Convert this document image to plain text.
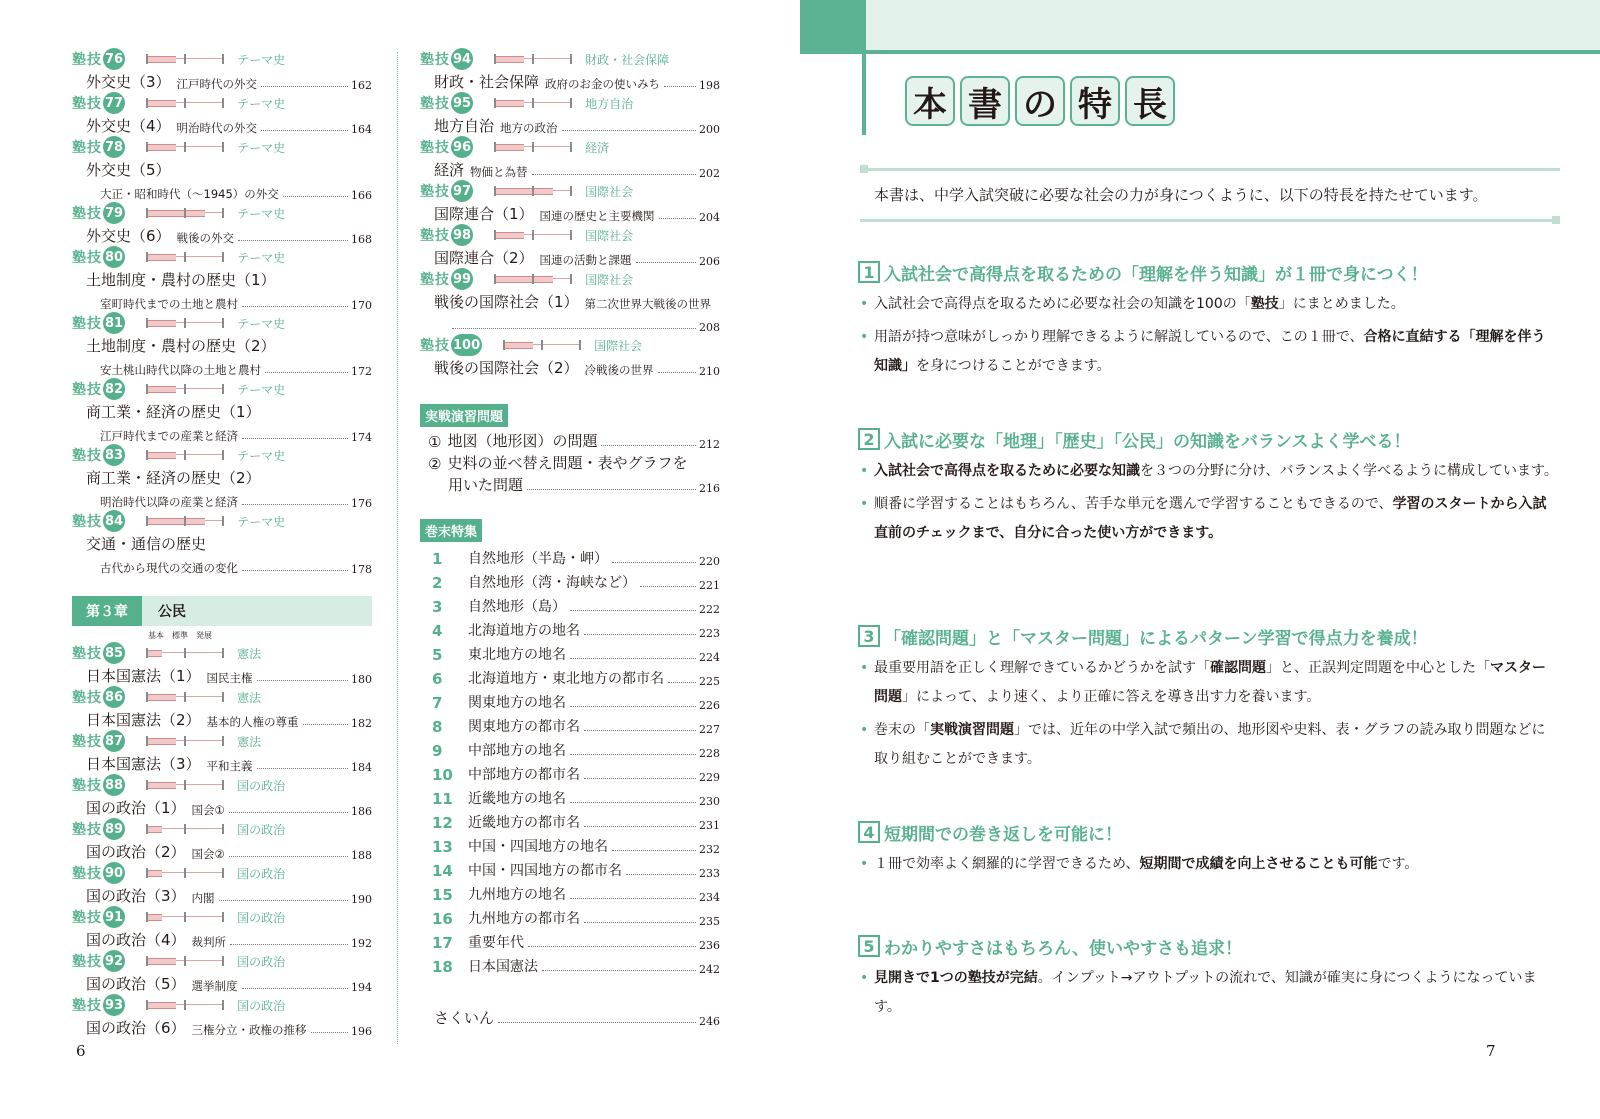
塾技 76	テーマ史
外交史（3） 江戸時代の外交	162
塾技 77	テーマ史
外交史（4） 明治時代の外交	164
塾技 78	テーマ史
外交史（5）
大正・昭和時代（～1945）の外交	166
塾技 79	テーマ史
外交史（6） 戦後の外交	168
塾技 80	テーマ史
土地制度・農村の歴史（1）
室町時代までの土地と農村	170
塾技 81	テーマ史
土地制度・農村の歴史（2）
安土桃山時代以降の土地と農村	172
塾技 82	テーマ史
商工業・経済の歴史（1）
江戸時代までの産業と経済	174
塾技 83	テーマ史
商工業・経済の歴史（2）
明治時代以降の産業と経済	176
塾技 84	テーマ史
交通・通信の歴史
古代から現代の交通の変化	178
第３章	公民
基本　標準　発展
塾技 85	憲法
日本国憲法（1） 国民主権	180
塾技 86	憲法
日本国憲法（2） 基本的人権の尊重	182
塾技 87	憲法
日本国憲法（3） 平和主義	184
塾技 88	国の政治
国の政治（1） 国会①	186
塾技 89	国の政治
国の政治（2） 国会②	188
塾技 90	国の政治
国の政治（3） 内閣	190
塾技 91	国の政治
国の政治（4） 裁判所	192
塾技 92	国の政治
国の政治（5） 選挙制度	194
塾技 93	国の政治
国の政治（6） 三権分立・政権の推移	196
塾技 94	財政・社会保障
財政・社会保障 政府のお金の使いみち	198
塾技 95	地方自治
地方自治 地方の政治	200
塾技 96	経済
経済 物価と為替	202
塾技 97	国際社会
国際連合（1） 国連の歴史と主要機関	204
塾技 98	国際社会
国際連合（2） 国連の活動と課題	206
塾技 99	国際社会
戦後の国際社会（1） 第二次世界大戦後の世界
208
塾技 100	国際社会
戦後の国際社会（2） 冷戦後の世界	210
実戦演習問題
① 地図（地形図）の問題	212
② 史料の並べ替え問題・表やグラフを
用いた問題	216
巻末特集
1	自然地形（半島・岬）	220
2	自然地形（湾・海峡など）	221
3	自然地形（島）	222
4	北海道地方の地名	223
5	東北地方の地名	224
6	北海道地方・東北地方の都市名	225
7	関東地方の地名	226
8	関東地方の都市名	227
9	中部地方の地名	228
10	中部地方の都市名	229
11	近畿地方の地名	230
12	近畿地方の都市名	231
13	中国・四国地方の地名	232
14	中国・四国地方の都市名	233
15	九州地方の地名	234
16	九州地方の都市名	235
17	重要年代	236
18	日本国憲法	242
さくいん	246
6
本 書 の 特 長
本書は、中学入試突破に必要な社会の力が身につくように、以下の特長を持たせています。
1 入試社会で高得点を取るための「理解を伴う知識」が１冊で身につく！
• 入試社会で高得点を取るために必要な社会の知識を100の「塾技」にまとめました。
• 用語が持つ意味がしっかり理解できるように解説しているので、この１冊で、合格に直結する「理解を伴う知識」を身につけることができます。
2 入試に必要な「地理」「歴史」「公民」の知識をバランスよく学べる！
• 入試社会で高得点を取るために必要な知識を３つの分野に分け、バランスよく学べるように構成しています。
• 順番に学習することはもちろん、苦手な単元を選んで学習することもできるので、学習のスタートから入試直前のチェックまで、自分に合った使い方ができます。
3 「確認問題」と「マスター問題」によるパターン学習で得点力を養成！
• 最重要用語を正しく理解できているかどうかを試す「確認問題」と、正誤判定問題を中心とした「マスター問題」によって、より速く、より正確に答えを導き出す力を養います。
• 巻末の「実戦演習問題」では、近年の中学入試で頻出の、地形図や史料、表・グラフの読み取り問題などに取り組むことができます。
4 短期間での巻き返しを可能に！
• １冊で効率よく網羅的に学習できるため、短期間で成績を向上させることも可能です。
5 わかりやすさはもちろん、使いやすさも追求！
• 見開きで1つの塾技が完結。インプット→アウトプットの流れで、知識が確実に身につくようになっています。
7
